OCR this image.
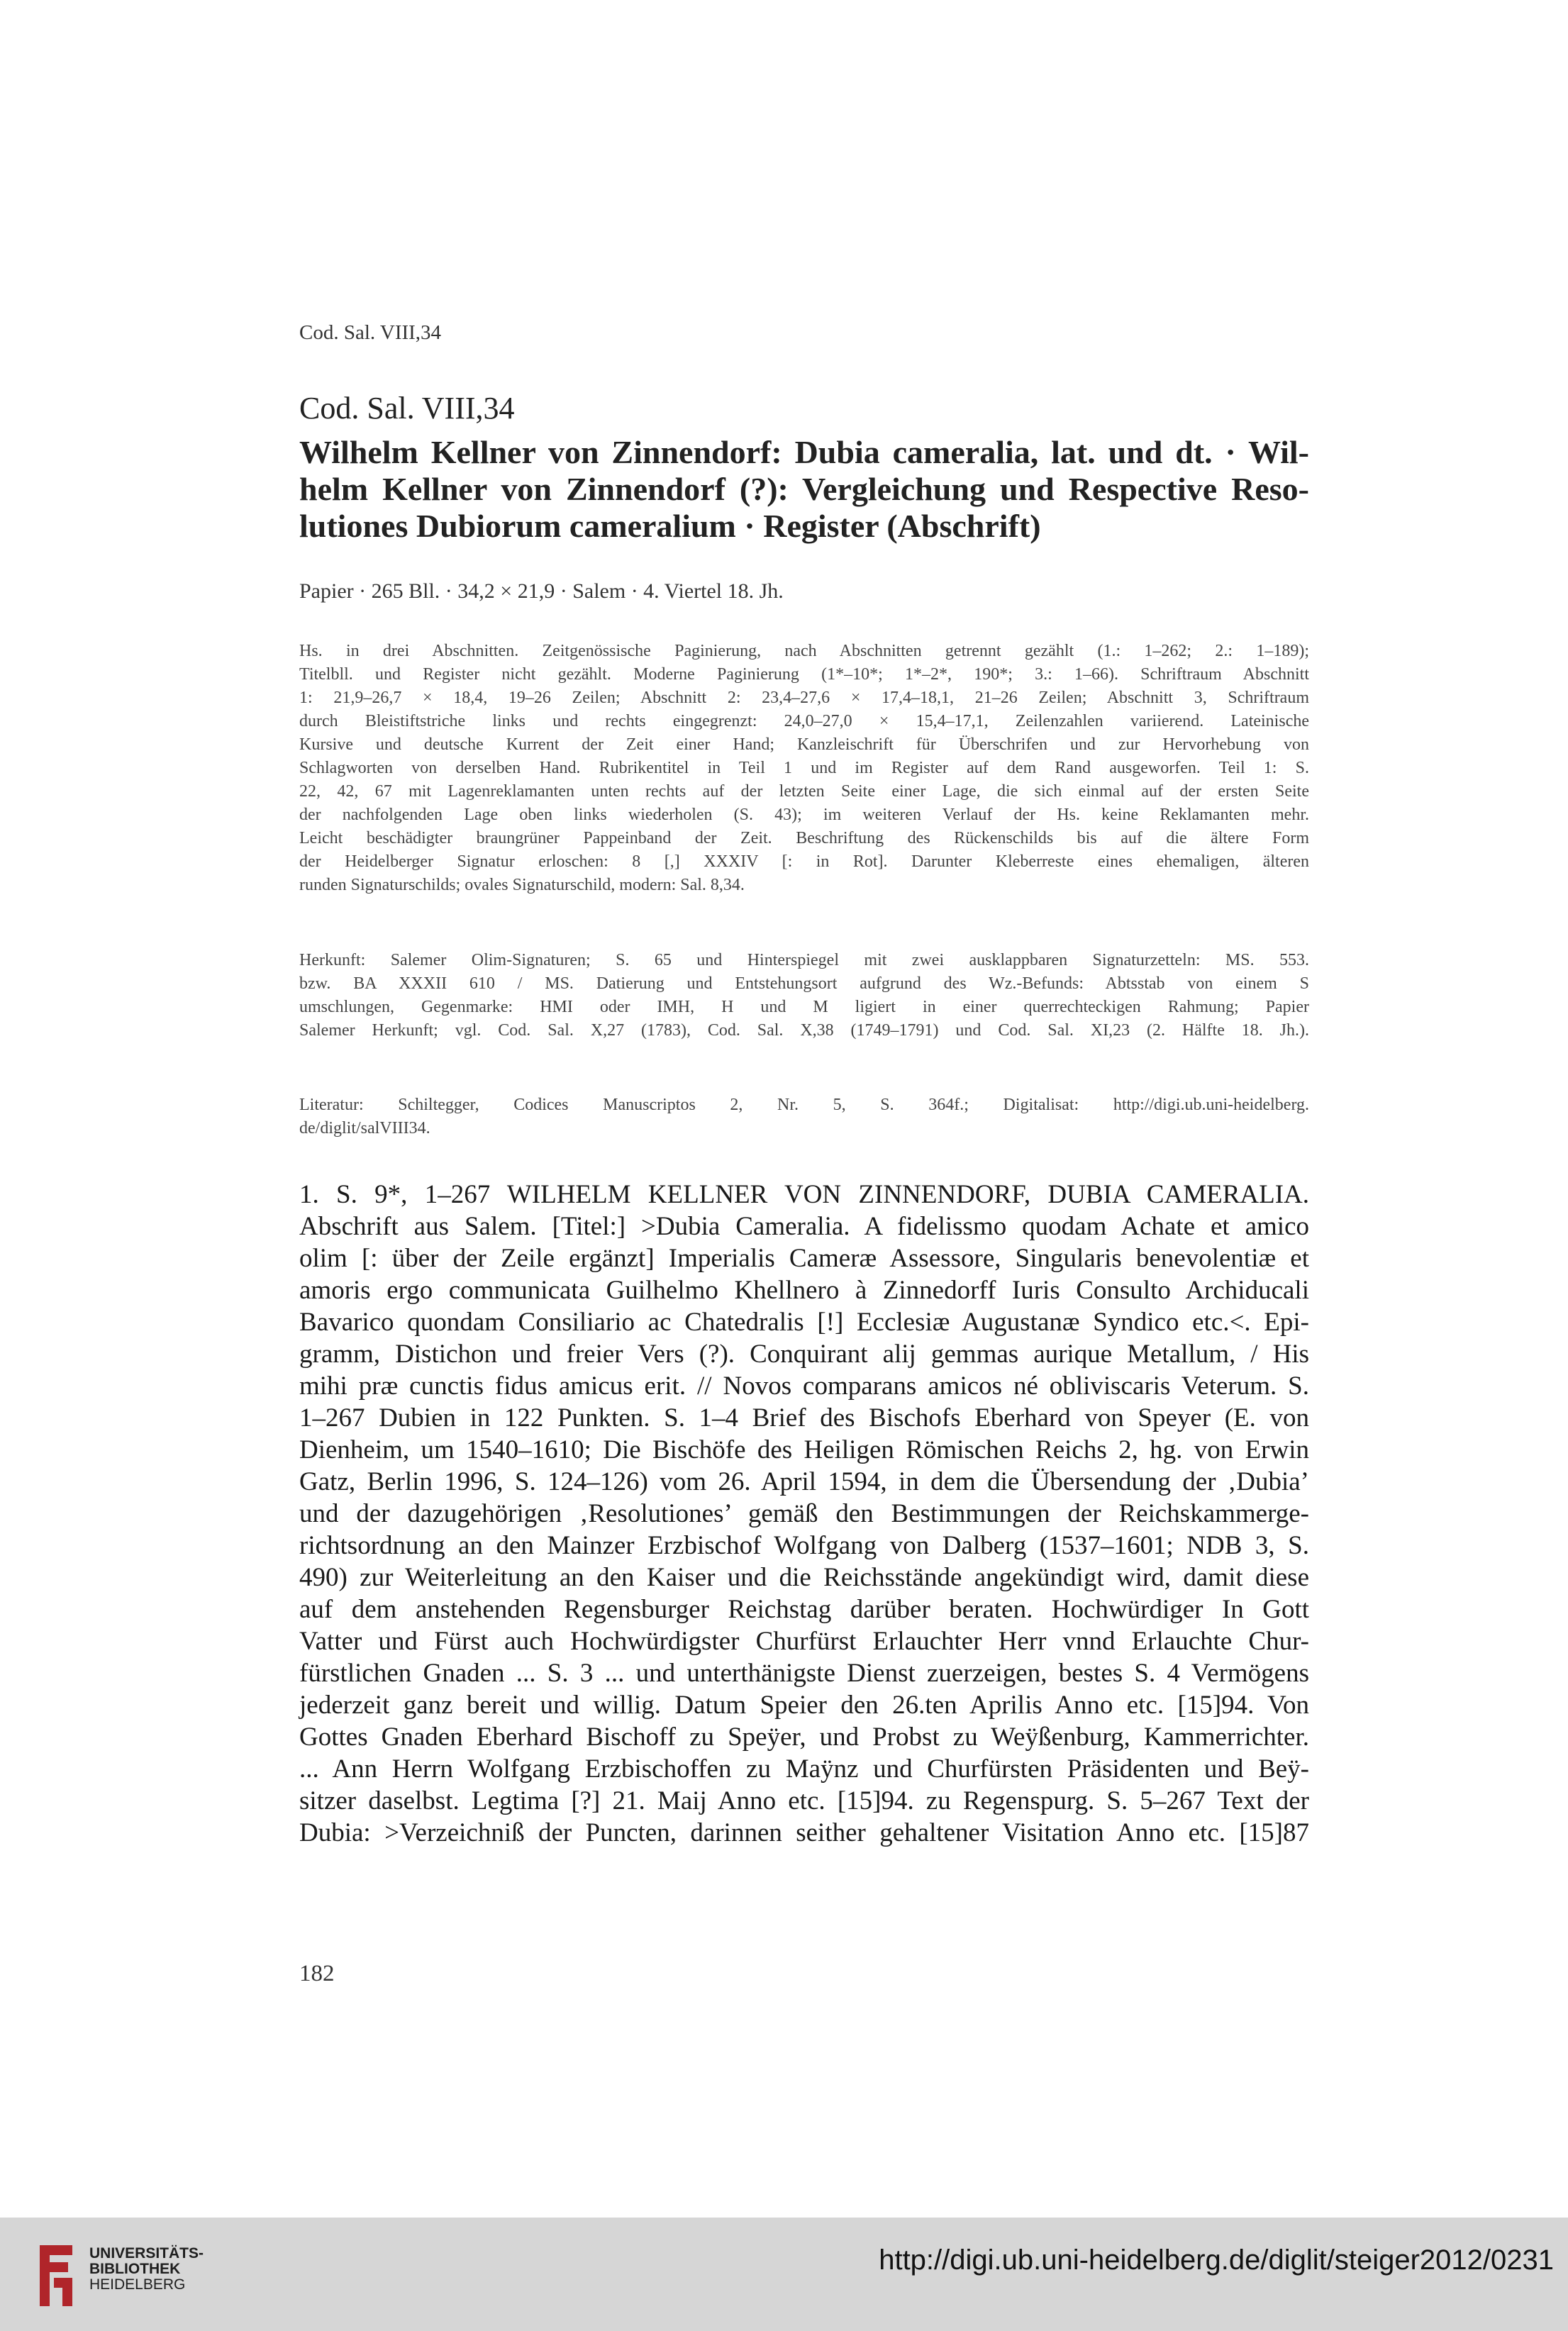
Cod. Sal. VIII,34
Cod. Sal. VIII,34
Wilhelm Kellner von Zinnendorf: Dubia cameralia, lat. und dt. · Wil-
helm Kellner von Zinnendorf (?): Vergleichung und Respective Reso-
lutiones Dubiorum cameralium · Register (Abschrift)
Papier · 265 Bll. · 34,2 × 21,9 · Salem · 4. Viertel 18. Jh.
Hs. in drei Abschnitten. Zeitgenössische Paginierung, nach Abschnitten getrennt gezählt (1.: 1–262; 2.: 1–189);
Titelbll. und Register nicht gezählt. Moderne Paginierung (1*–10*; 1*–2*, 190*; 3.: 1–66). Schriftraum Abschnitt
1: 21,9–26,7 × 18,4, 19–26 Zeilen; Abschnitt 2: 23,4–27,6 × 17,4–18,1, 21–26 Zeilen; Abschnitt 3, Schriftraum
durch Bleistiftstriche links und rechts eingegrenzt: 24,0–27,0 × 15,4–17,1, Zeilenzahlen variierend. Lateinische
Kursive und deutsche Kurrent der Zeit einer Hand; Kanzleischrift für Überschrifen und zur Hervorhebung von
Schlagworten von derselben Hand. Rubrikentitel in Teil 1 und im Register auf dem Rand ausgeworfen. Teil 1: S.
22, 42, 67 mit Lagenreklamanten unten rechts auf der letzten Seite einer Lage, die sich einmal auf der ersten Seite
der nachfolgenden Lage oben links wiederholen (S. 43); im weiteren Verlauf der Hs. keine Reklamanten mehr.
Leicht beschädigter braungrüner Pappeinband der Zeit. Beschriftung des Rückenschilds bis auf die ältere Form
der Heidelberger Signatur erloschen: 8 [,] XXXIV [: in Rot]. Darunter Kleberreste eines ehemaligen, älteren
runden Signaturschilds; ovales Signaturschild, modern: Sal. 8,34.
Herkunft: Salemer Olim-Signaturen; S. 65 und Hinterspiegel mit zwei ausklappbaren Signaturzetteln: MS. 553.
bzw. BA XXXII 610 / MS. Datierung und Entstehungsort aufgrund des Wz.-Befunds: Abtsstab von einem S
umschlungen, Gegenmarke: HMI oder IMH, H und M ligiert in einer querrechteckigen Rahmung; Papier
Salemer Herkunft; vgl. Cod. Sal. X,27 (1783), Cod. Sal. X,38 (1749–1791) und Cod. Sal. XI,23 (2. Hälfte 18. Jh.).
Literatur: Schiltegger, Codices Manuscriptos 2, Nr. 5, S. 364f.; Digitalisat: http://digi.ub.uni-heidelberg.
de/diglit/salVIII34.
1. S. 9*, 1–267 WILHELM KELLNER VON ZINNENDORF, DUBIA CAMERALIA.
Abschrift aus Salem. [Titel:] >Dubia Cameralia. A fidelissmo quodam Achate et amico
olim [: über der Zeile ergänzt] Imperialis Cameræ Assessore, Singularis benevolentiæ et
amoris ergo communicata Guilhelmo Khellnero à Zinnedorff Iuris Consulto Archiducali
Bavarico quondam Consiliario ac Chatedralis [!] Ecclesiæ Augustanæ Syndico etc.<. Epi-
gramm, Distichon und freier Vers (?). Conquirant alij gemmas aurique Metallum, / His
mihi præ cunctis fidus amicus erit. // Novos comparans amicos né obliviscaris Veterum. S.
1–267 Dubien in 122 Punkten. S. 1–4 Brief des Bischofs Eberhard von Speyer (E. von
Dienheim, um 1540–1610; Die Bischöfe des Heiligen Römischen Reichs 2, hg. von Erwin
Gatz, Berlin 1996, S. 124–126) vom 26. April 1594, in dem die Übersendung der ‚Dubia’
und der dazugehörigen ‚Resolutiones’ gemäß den Bestimmungen der Reichskammerge-
richtsordnung an den Mainzer Erzbischof Wolfgang von Dalberg (1537–1601; NDB 3, S.
490) zur Weiterleitung an den Kaiser und die Reichsstände angekündigt wird, damit diese
auf dem anstehenden Regensburger Reichstag darüber beraten. Hochwürdiger In Gott
Vatter und Fürst auch Hochwürdigster Churfürst Erlauchter Herr vnnd Erlauchte Chur-
fürstlichen Gnaden ... S. 3 ... und unterthänigste Dienst zuerzeigen, bestes S. 4 Vermögens
jederzeit ganz bereit und willig. Datum Speier den 26.ten Aprilis Anno etc. [15]94. Von
Gottes Gnaden Eberhard Bischoff zu Speÿer, und Probst zu Weÿßenburg, Kammerrichter.
... Ann Herrn Wolfgang Erzbischoffen zu Maÿnz und Churfürsten Präsidenten und Beÿ-
sitzer daselbst. Legtima [?] 21. Maij Anno etc. [15]94. zu Regenspurg. S. 5–267 Text der
Dubia: >Verzeichniß der Puncten, darinnen seither gehaltener Visitation Anno etc. [15]87
182
UNIVERSITÄTS-
BIBLIOTHEK
HEIDELBERG
http://digi.ub.uni-heidelberg.de/diglit/steiger2012/0231
